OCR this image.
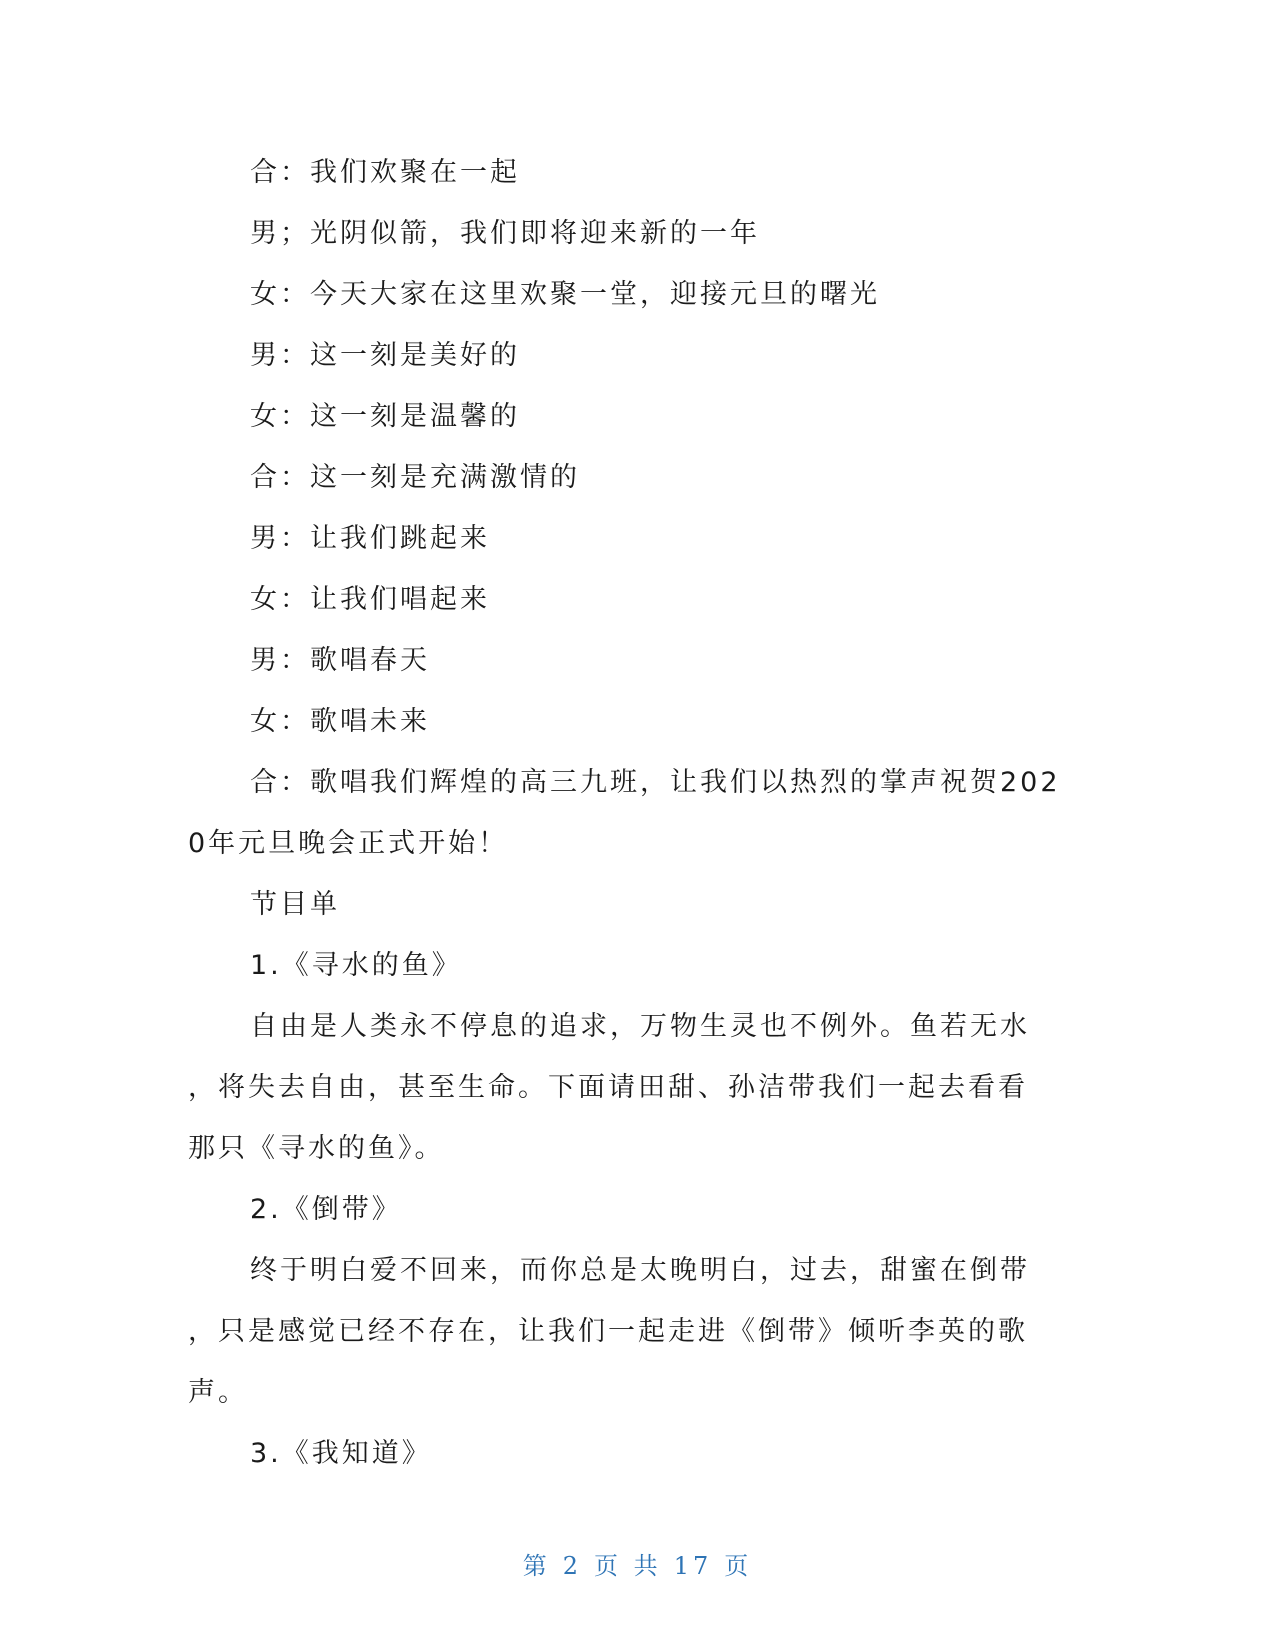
合：我们欢聚在一起

男；光阴似箭，我们即将迎来新的一年

女：今天大家在这里欢聚一堂，迎接元旦的曙光

男：这一刻是美好的

女：这一刻是温馨的

合：这一刻是充满激情的

男：让我们跳起来

女：让我们唱起来

男：歌唱春天

女：歌唱未来

合：歌唱我们辉煌的高三九班，让我们以热烈的掌声祝贺202

0年元旦晚会正式开始！

节目单

1.《寻水的鱼》

自由是人类永不停息的追求，万物生灵也不例外。鱼若无水

，将失去自由，甚至生命。下面请田甜、孙洁带我们一起去看看

那只《寻水的鱼》。

2.《倒带》

终于明白爱不回来，而你总是太晚明白，过去，甜蜜在倒带

，只是感觉已经不存在，让我们一起走进《倒带》倾听李英的歌

声。

3.《我知道》

第 2 页 共 17 页
